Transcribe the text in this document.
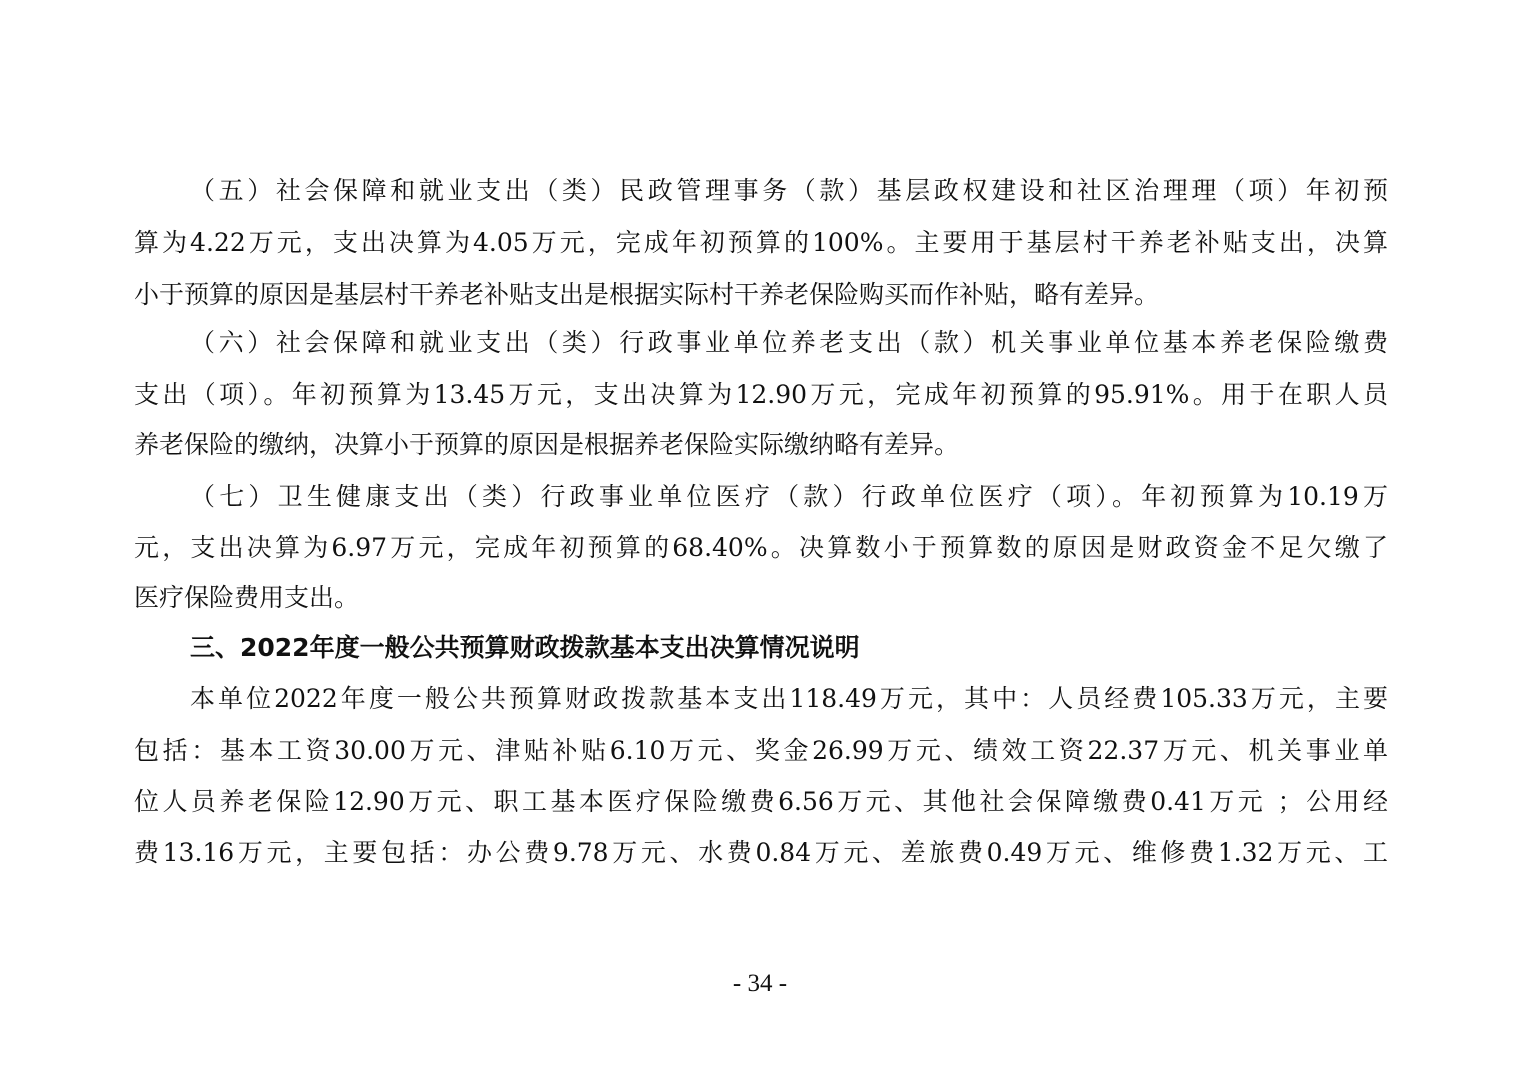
（五）社会保障和就业支出（类）民政管理事务（款）基层政权建设和社区治理理（项）年初预
算为4.22万元，支出决算为4.05万元，完成年初预算的100%。主要用于基层村干养老补贴支出，决算
小于预算的原因是基层村干养老补贴支出是根据实际村干养老保险购买而作补贴，略有差异。
（六）社会保障和就业支出（类）行政事业单位养老支出（款）机关事业单位基本养老保险缴费
支出（项）。年初预算为13.45万元，支出决算为12.90万元，完成年初预算的95.91%。用于在职人员
养老保险的缴纳，决算小于预算的原因是根据养老保险实际缴纳略有差异。
（七）卫生健康支出（类）行政事业单位医疗（款）行政单位医疗（项）。年初预算为10.19万
元，支出决算为6.97万元，完成年初预算的68.40%。决算数小于预算数的原因是财政资金不足欠缴了
医疗保险费用支出。
三、2022年度一般公共预算财政拨款基本支出决算情况说明
本单位2022年度一般公共预算财政拨款基本支出118.49万元，其中：人员经费105.33万元，主要
包括：基本工资30.00万元、津贴补贴6.10万元、奖金26.99万元、绩效工资22.37万元、机关事业单
位人员养老保险12.90万元、职工基本医疗保险缴费6.56万元、其他社会保障缴费0.41万元 ；公用经
费13.16万元，主要包括：办公费9.78万元、水费0.84万元、差旅费0.49万元、维修费1.32万元、工
- 34 -
